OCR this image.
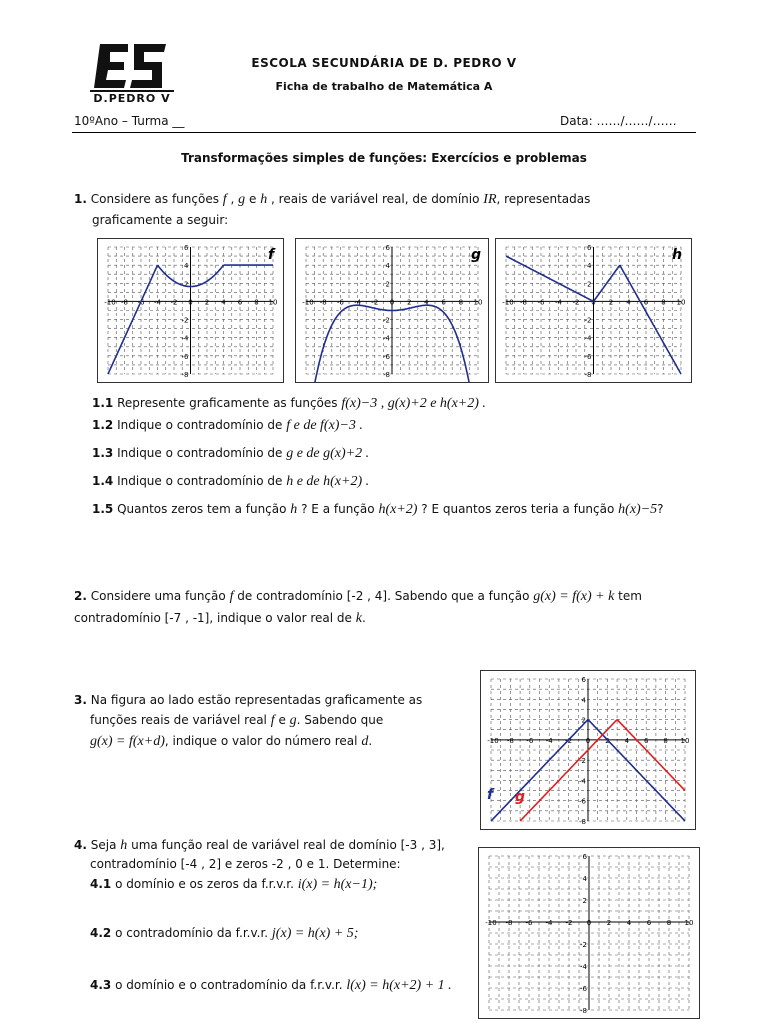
D.PEDRO V
ESCOLA SECUNDÁRIA DE D. PEDRO V
Ficha de trabalho de Matemática A
10ºAno – Turma __	Data: ……/……/……
Transformações simples de funções: Exercícios e problemas
1. Considere as funções f , g e h , reais de variável real, de domínio IR, representadas
graficamente a seguir:
-10 -8 -6 -4 -2 0 2 4 6 8 10
6
4
2
-2
-4
-6
-8
f
-10 -8 -6 -4 -2 0 2 4 6 8 10
6
4
2
-2
-4
-6
-8
g
-10 -8 -6 -4 -2 0 2 4 6 8 10
6
4
2
-2
-4
-6
-8
h
1.1 Represente graficamente as funções f(x)−3 , g(x)+2 e h(x+2) .
1.2 Indique o contradomínio de f e de f(x)−3 .
1.3 Indique o contradomínio de g e de g(x)+2 .
1.4 Indique o contradomínio de h e de h(x+2) .
1.5 Quantos zeros tem a função h ? E a função h(x+2) ? E quantos zeros teria a função h(x)−5?
2. Considere uma função f de contradomínio [-2 , 4]. Sabendo que a função g(x) = f(x) + k tem
contradomínio [-7 , -1], indique o valor real de k.
3. Na figura ao lado estão representadas graficamente as
funções reais de variável real f e g. Sabendo que
g(x) = f(x+d), indique o valor do número real d.	-10 -8 -6 -4 -2 0 2 4 6 8 10
6
4
2
-2
-4
-6
-8
f g
4. Seja h uma função real de variável real de domínio [-3 , 3],
contradomínio [-4 , 2] e zeros -2 , 0 e 1. Determine:
4.1 o domínio e os zeros da f.r.v.r. i(x) = h(x−1);
4.2 o contradomínio da f.r.v.r. j(x) = h(x) + 5;
4.3 o domínio e o contradomínio da f.r.v.r. l(x) = h(x+2) + 1 .
-10 -8 -6 -4 -2 0 2 4 6 8 10
6
4
2
-2
-4
-6
-8
